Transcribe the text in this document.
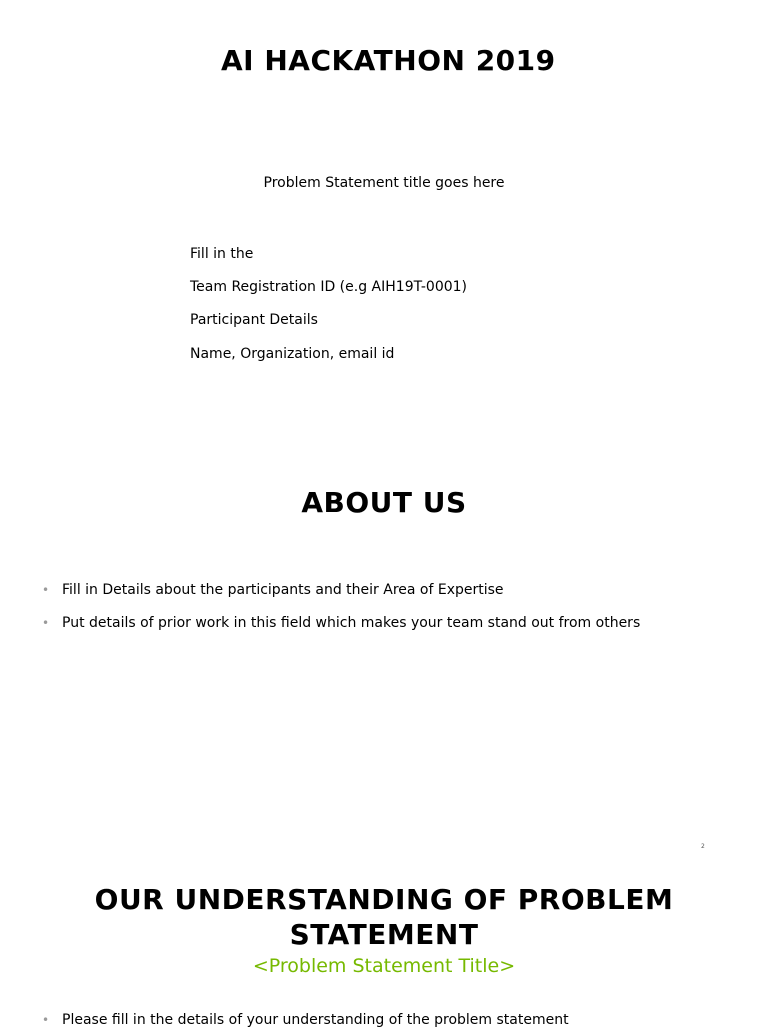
AI HACKATHON 2019

Problem Statement title goes here

Fill in the

Team Registration ID (e.g AIH19T-0001)

Participant Details

Name, Organization, email id

ABOUT US
• Fill in Details about the participants and their Area of Expertise
• Put details of prior work in this field which makes your team stand out from others
2
OUR UNDERSTANDING OF PROBLEM
STATEMENT

<Problem Statement Title>

• Please fill in the details of your understanding of the problem statement
